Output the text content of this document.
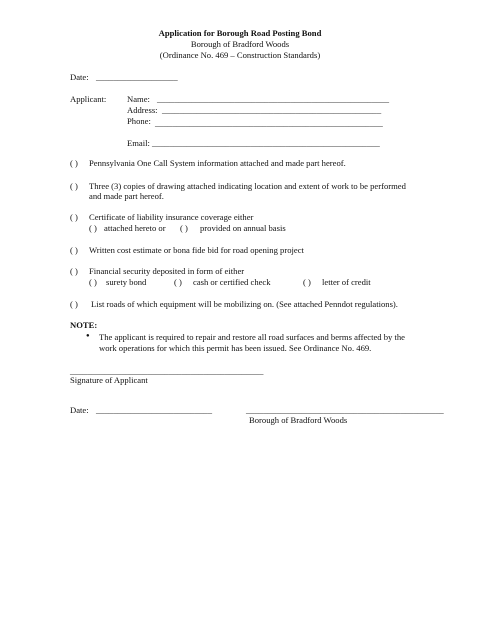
Application for Borough Road Posting Bond
Borough of Bradford Woods
(Ordinance No. 469 – Construction Standards)
Date: ___________________
Applicant: Name: ______________________________________________________
Address: ___________________________________________________
Phone: _____________________________________________________
Email: _____________________________________________________
( ) Pennsylvania One Call System information attached and made part hereof.
( ) Three (3) copies of drawing attached indicating location and extent of work to be performed
and made part hereof.
( ) Certificate of liability insurance coverage either
( ) attached hereto or ( ) provided on annual basis
( ) Written cost estimate or bona fide bid for road opening project
( ) Financial security deposited in form of either
( ) surety bond	( ) cash or certified check	( ) letter of credit
( ) List roads of which equipment will be mobilizing on. (See attached Penndot regulations).
NOTE:
● The applicant is required to repair and restore all road surfaces and berms affected by the
work operations for which this permit has been issued. See Ordinance No. 469.
_____________________________________________
Signature of Applicant
Date: ___________________________	______________________________________________
Borough of Bradford Woods
